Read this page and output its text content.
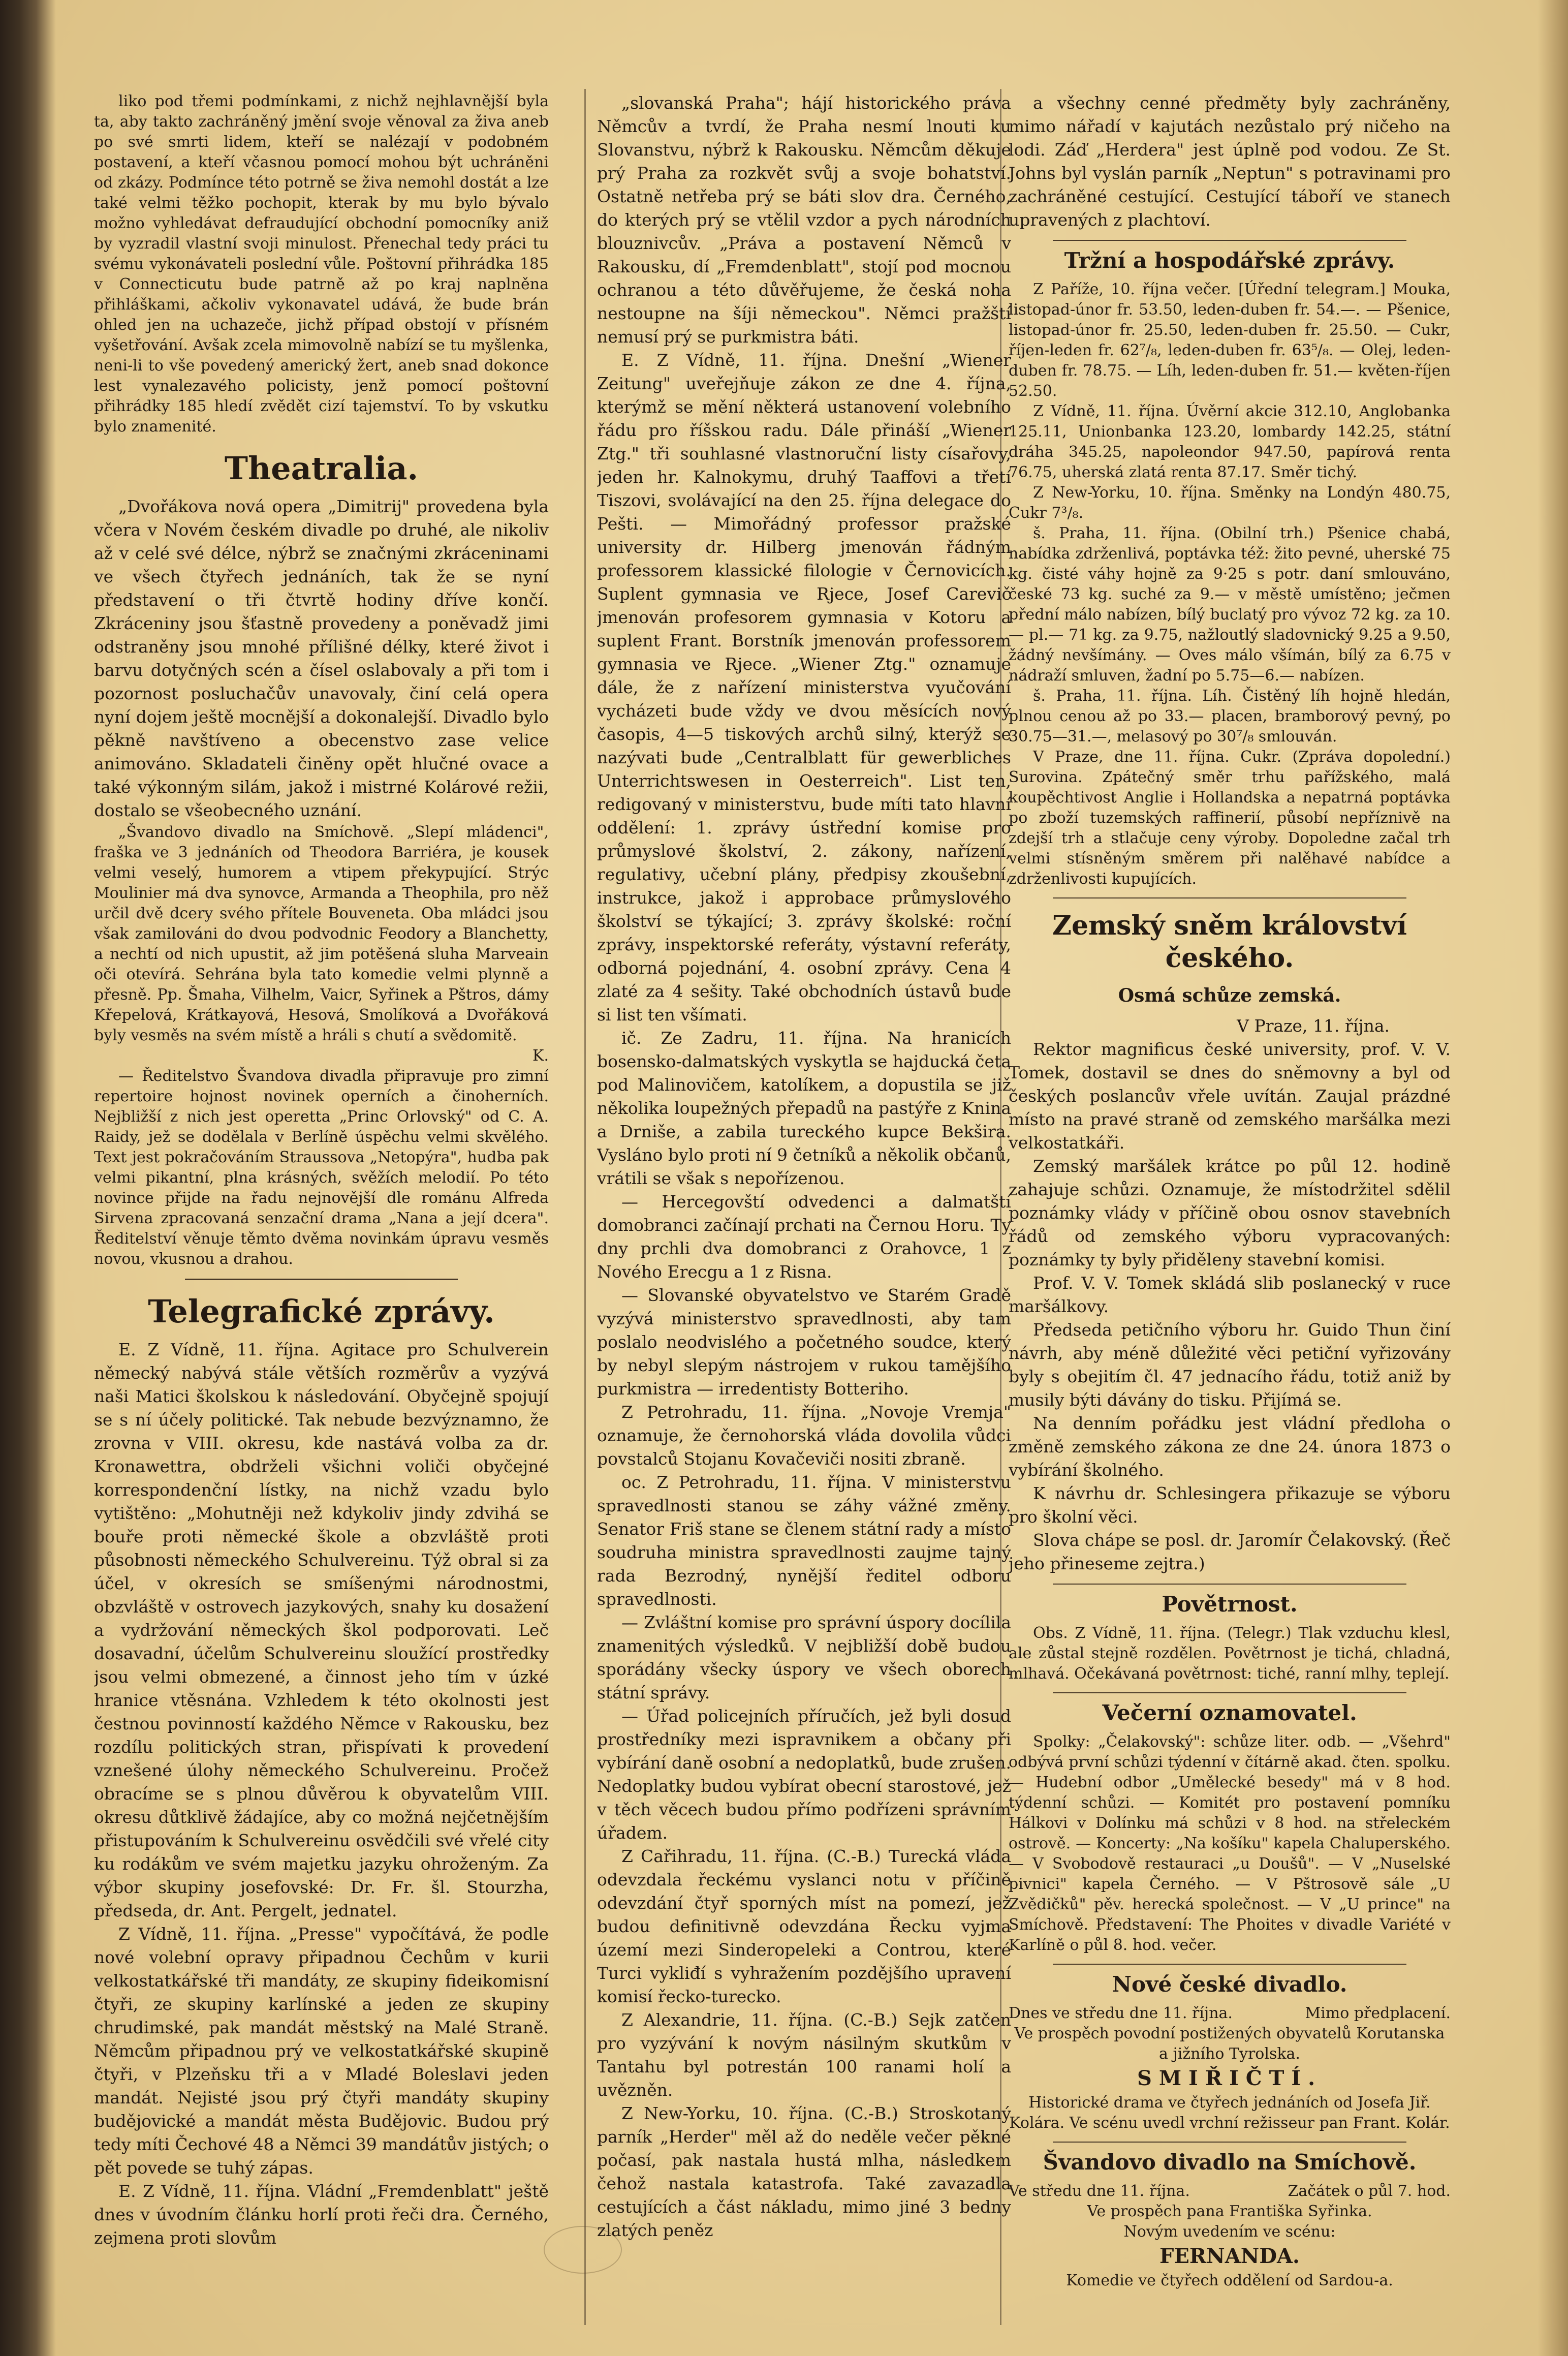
liko pod třemi podmínkami, z nichž nejhlavnější byla ta, aby takto zachráněný jmění svoje věnoval za živa aneb po své smrti lidem, kteří se nalézají v podobném postavení, a kteří včasnou pomocí mohou být uchráněni od zkázy. Podmínce této potrně se živa nemohl dostát a lze také velmi těžko pochopit, kterak by mu bylo bývalo možno vyhledávat defraudující obchodní pomocníky aniž by vyzradil vlastní svoji minulost. Přenechal tedy práci tu svému vykonávateli poslední vůle. Poštovní přihrádka 185 v Connecticutu bude patrně až po kraj naplněna přihláškami, ačkoliv vykonavatel udává, že bude brán ohled jen na uchazeče, jichž případ obstojí v přísném vyšetřování. Avšak zcela mimovolně nabízí se tu myšlenka, neni-li to vše povedený americký žert, aneb snad dokonce lest vynalezavého policisty, jenž pomocí poštovní přihrádky 185 hledí zvědět cizí tajemství. To by vskutku bylo znamenité.

Theatralia.

„Dvořákova nová opera „Dimitrij" provedena byla včera v Novém českém divadle po druhé, ale nikoliv až v celé své délce, nýbrž se značnými zkráceninami ve všech čtyřech jednáních, tak že se nyní představení o tři čtvrtě hodiny dříve končí. Zkráceniny jsou šťastně provedeny a poněvadž jimi odstraněny jsou mnohé přílišné délky, které život i barvu dotyčných scén a čísel oslabovaly a při tom i pozornost posluchačův unavovaly, činí celá opera nyní dojem ještě mocnější a dokonalejší. Divadlo bylo pěkně navštíveno a obecenstvo zase velice animováno. Skladateli činěny opět hlučné ovace a také výkonným silám, jakož i mistrné Kolárové režii, dostalo se všeobecného uznání.

„Švandovo divadlo na Smíchově. „Slepí mládenci", fraška ve 3 jednáních od Theodora Barriéra, je kousek velmi veselý, humorem a vtipem překypující. Strýc Moulinier má dva synovce, Armanda a Theophila, pro něž určil dvě dcery svého přítele Bouveneta. Oba mládci jsou však zamilováni do dvou podvodnic Feodory a Blanchetty, a nechtí od nich upustit, až jim potěšená sluha Marveain oči otevírá. Sehrána byla tato komedie velmi plynně a přesně. Pp. Šmaha, Vilhelm, Vaicr, Syřinek a Pštros, dámy Křepelová, Krátkayová, Hesová, Smolíková a Dvořáková byly vesměs na svém místě a hráli s chutí a svědomitě.

K.

— Ředitelstvo Švandova divadla připravuje pro zimní repertoire hojnost novinek operních a činoherních. Nejbližší z nich jest operetta „Princ Orlovský" od C. A. Raidy, jež se dodělala v Berlíně úspěchu velmi skvělého. Text jest pokračováním Straussova „Netopýra", hudba pak velmi pikantní, plna krásných, svěžích melodií. Po této novince přijde na řadu nejnovější dle románu Alfreda Sirvena zpracovaná senzační drama „Nana a její dcera". Ředitelství věnuje těmto dvěma novinkám úpravu vesměs novou, vkusnou a drahou.

Telegrafické zprávy.

E. Z Vídně, 11. října. Agitace pro Schulverein německý nabývá stále větších rozměrův a vyzývá naši Matici školskou k následování. Obyčejně spojují se s ní účely politické. Tak nebude bezvýznamno, že zrovna v VIII. okresu, kde nastává volba za dr. Kronawettra, obdrželi všichni voliči obyčejné korrespondenční lístky, na nichž vzadu bylo vytištěno: „Mohutněji než kdykoliv jindy zdvihá se bouře proti německé škole a obzvláště proti působnosti německého Schulvereinu. Týž obral si za účel, v okresích se smíšenými národnostmi, obzvláště v ostrovech jazykových, snahy ku dosažení a vydržování německých škol podporovati. Leč dosavadní, účelům Schulvereinu sloužící prostředky jsou velmi obmezené, a činnost jeho tím v úzké hranice vtěsnána. Vzhledem k této okolnosti jest čestnou povinností každého Němce v Rakousku, bez rozdílu politických stran, přispívati k provedení vznešené úlohy německého Schulvereinu. Pročež obracíme se s plnou důvěrou k obyvatelům VIII. okresu důtklivě žádajíce, aby co možná nejčetnějším přistupováním k Schulvereinu osvědčili své vřelé city ku rodákům ve svém majetku jazyku ohroženým. Za výbor skupiny josefovské: Dr. Fr. šl. Stourzha, předseda, dr. Ant. Pergelt, jednatel.

Z Vídně, 11. října. „Presse" vypočítává, že podle nové volební opravy připadnou Čechům v kurii velkostatkářské tři mandáty, ze skupiny fideikomisní čtyři, ze skupiny karlínské a jeden ze skupiny chrudimské, pak mandát městský na Malé Straně. Němcům připadnou prý ve velkostatkářské skupině čtyři, v Plzeňsku tři a v Mladé Boleslavi jeden mandát. Nejisté jsou prý čtyři mandáty skupiny budějovické a mandát města Budějovic. Budou prý tedy míti Čechové 48 a Němci 39 mandátův jistých; o pět povede se tuhý zápas.

E. Z Vídně, 11. října. Vládní „Fremdenblatt" ještě dnes v úvodním článku horlí proti řeči dra. Černého, zejmena proti slovům

„slovanská Praha"; hájí historického práva Němcův a tvrdí, že Praha nesmí lnouti ku Slovanstvu, nýbrž k Rakousku. Němcům děkuje prý Praha za rozkvět svůj a svoje bohatství. Ostatně netřeba prý se báti slov dra. Černého, do kterých prý se vtělil vzdor a pych národních blouznivcův. „Práva a postavení Němců v Rakousku, dí „Fremdenblatt", stojí pod mocnou ochranou a této důvěřujeme, že česká noha nestoupne na šíji německou". Němci pražští nemusí prý se purkmistra báti.

E. Z Vídně, 11. října. Dnešní „Wiener Zeitung" uveřejňuje zákon ze dne 4. října, kterýmž se mění některá ustanovení volebního řádu pro říšskou radu. Dále přináší „Wiener Ztg." tři souhlasné vlastnoruční listy císařovy, jeden hr. Kalnokymu, druhý Taaffovi a třetí Tiszovi, svolávající na den 25. října delegace do Pešti. — Mimořádný professor pražské university dr. Hilberg jmenován řádným professorem klassické filologie v Černovicích. Suplent gymnasia ve Rjece, Josef Carevič jmenován profesorem gymnasia v Kotoru a suplent Frant. Borstník jmenován professorem gymnasia ve Rjece. „Wiener Ztg." oznamuje dále, že z nařízení ministerstva vyučování vycházeti bude vždy ve dvou měsících nový časopis, 4—5 tiskových archů silný, kterýž se nazývati bude „Centralblatt für gewerbliches Unterrichtswesen in Oesterreich". List ten, redigovaný v ministerstvu, bude míti tato hlavní oddělení: 1. zprávy ústřední komise pro průmyslové školství, 2. zákony, nařízení, regulativy, učební plány, předpisy zkoušební, instrukce, jakož i approbace průmyslového školství se týkající; 3. zprávy školské: roční zprávy, inspektorské referáty, výstavní referáty, odborná pojednání, 4. osobní zprávy. Cena 4 zlaté za 4 sešity. Také obchodních ústavů bude si list ten všímati.

ič. Ze Zadru, 11. října. Na hranicích bosensko-dalmatských vyskytla se hajducká četa pod Malinovičem, katolíkem, a dopustila se již několika loupežných přepadů na pastýře z Knina a Drniše, a zabila tureckého kupce Bekšira. Vysláno bylo proti ní 9 četníků a několik občanů, vrátili se však s nepořízenou.

— Hercegovští odvedenci a dalmatští domobranci začínají prchati na Černou Horu. Ty dny prchli dva domobranci z Orahovce, 1 z Nového Erecgu a 1 z Risna.

— Slovanské obyvatelstvo ve Starém Gradě vyzývá ministerstvo spravedlnosti, aby tam poslalo neodvislého a početného soudce, který by nebyl slepým nástrojem v rukou tamějšího purkmistra — irredentisty Botteriho.

Z Petrohradu, 11. října. „Novoje Vremja" oznamuje, že černohorská vláda dovolila vůdci povstalců Stojanu Kovačeviči nositi zbraně.

oc. Z Petrohradu, 11. října. V ministerstvu spravedlnosti stanou se záhy vážné změny. Senator Friš stane se členem státní rady a místo soudruha ministra spravedlnosti zaujme tajný rada Bezrodný, nynější ředitel odboru spravedlnosti.

— Zvláštní komise pro správní úspory docílila znamenitých výsledků. V nejbližší době budou sporádány všecky úspory ve všech oborech státní správy.

— Úřad policejních příručích, jež byli dosud prostředníky mezi ispravnikem a občany při vybírání daně osobní a nedoplatků, bude zrušen. Nedoplatky budou vybírat obecní starostové, jež v těch věcech budou přímo podřízeni správním úřadem.

Z Cařihradu, 11. října. (C.-B.) Turecká vláda odevzdala řeckému vyslanci notu v příčině odevzdání čtyř sporných míst na pomezí, jež budou definitivně odevzdána Řecku vyjma území mezi Sinderopeleki a Controu, které Turci vykliđí s vyhražením pozdějšího upravení komisí řecko-turecko.

Z Alexandrie, 11. října. (C.-B.) Sejk zatčen pro vyzývání k novým násilným skutkům v Tantahu byl potrestán 100 ranami holí a uvězněn.

Z New-Yorku, 10. října. (C.-B.) Stroskotaný parník „Herder" měl až do neděle večer pěkné počasí, pak nastala hustá mlha, následkem čehož nastala katastrofa. Také zavazadla cestujících a část nákladu, mimo jiné 3 bedny zlatých peněz

a všechny cenné předměty byly zachráněny, mimo nářadí v kajutách nezůstalo prý ničeho na lodi. Záď „Herdera" jest úplně pod vodou. Ze St. Johns byl vyslán parník „Neptun" s potravinami pro zachráněné cestující. Cestující táboří ve stanech upravených z plachtoví.

Tržní a hospodářské zprávy.

Z Paříže, 10. října večer. [Úřední telegram.] Mouka, listopad-únor fr. 53.50, leden-duben fr. 54.—. — Pšenice, listopad-únor fr. 25.50, leden-duben fr. 25.50. — Cukr, říjen-leden fr. 62⁷/₈, leden-duben fr. 63⁵/₈. — Olej, leden-duben fr. 78.75. — Líh, leden-duben fr. 51.— květen-říjen 52.50.

Z Vídně, 11. října. Úvěrní akcie 312.10, Anglobanka 125.11, Unionbanka 123.20, lombardy 142.25, státní dráha 345.25, napoleondor 947.50, papírová renta 76.75, uherská zlatá renta 87.17. Směr tichý.

Z New-Yorku, 10. října. Směnky na Londýn 480.75, Cukr 7³/₈.

š. Praha, 11. října. (Obilní trh.) Pšenice chabá, nabídka zdrženlivá, poptávka též: žito pevné, uherské 75 kg. čisté váhy hojně za 9·25 s potr. daní smlouváno, české 73 kg. suché za 9.— v městě umístěno; ječmen přední málo nabízen, bílý buclatý pro vývoz 72 kg. za 10.— pl.— 71 kg. za 9.75, nažloutlý sladovnický 9.25 a 9.50, žádný nevšímány. — Oves málo všímán, bílý za 6.75 v nádraží smluven, žadní po 5.75—6.— nabízen.

š. Praha, 11. října. Líh. Čistěný líh hojně hledán, plnou cenou až po 33.— placen, bramborový pevný, po 30.75—31.—, melasový po 30⁷/₈ smlouván.

V Praze, dne 11. října. Cukr. (Zpráva dopolední.) Surovina. Zpátečný směr trhu pařížského, malá koupěchtivost Anglie i Hollandska a nepatrná poptávka po zboží tuzemských raffinerií, působí nepříznivě na zdejší trh a stlačuje ceny výroby. Dopoledne začal trh velmi stísněným směrem při nalěhavé nabídce a zdrženlivosti kupujících.

Zemský sněm království českého.
Osmá schůze zemská.

V Praze, 11. října.

Rektor magnificus české university, prof. V. V. Tomek, dostavil se dnes do sněmovny a byl od českých poslancův vřele uvítán. Zaujal prázdné místo na pravé straně od zemského maršálka mezi velkostatkáři.

Zemský maršálek krátce po půl 12. hodině zahajuje schůzi. Oznamuje, že místodržitel sdělil poznámky vlády v příčině obou osnov stavebních řádů od zemského výboru vypracovaných: poznámky ty byly přiděleny stavební komisi.

Prof. V. V. Tomek skládá slib poslanecký v ruce maršálkovy.

Předseda petičního výboru hr. Guido Thun činí návrh, aby méně důležité věci petiční vyřizovány byly s obejitím čl. 47 jednacího řádu, totiž aniž by musily býti dávány do tisku. Přijímá se.

Na denním pořádku jest vládní předloha o změně zemského zákona ze dne 24. února 1873 o vybírání školného.

K návrhu dr. Schlesingera přikazuje se výboru pro školní věci.

Slova chápe se posl. dr. Jaromír Čelakovský. (Řeč jeho přineseme zejtra.)

Povětrnost.

Obs. Z Vídně, 11. října. (Telegr.) Tlak vzduchu klesl, ale zůstal stejně rozdělen. Povětrnost je tichá, chladná, mlhavá. Očekávaná povětrnost: tiché, ranní mlhy, teplejí.

Večerní oznamovatel.

Spolky: „Čelakovský": schůze liter. odb. — „Všehrd" odbývá první schůzi týdenní v čítárně akad. čten. spolku. — Hudební odbor „Umělecké besedy" má v 8 hod. týdenní schůzi. — Komitét pro postavení pomníku Hálkovi v Dolínku má schůzi v 8 hod. na střeleckém ostrově. — Koncerty: „Na košíku" kapela Chaluperského. — V Svobodově restauraci „u Doušů". — V „Nuselské pivnici" kapela Černého. — V Pštrosově sále „U Zvědičků" pěv. herecká společnost. — V „U prince" na Smíchově. Představení: The Phoites v divadle Variété v Karlíně o půl 8. hod. večer.

Nové české divadlo.
Dnes ve středu dne 11. října.	Mimo předplacení.

Ve prospěch povodní postižených obyvatelů Korutanska a jižního Tyrolska.

SMIŘIČTÍ.

Historické drama ve čtyřech jednáních od Josefa Jiř. Kolára. Ve scénu uvedl vrchní režisseur pan Frant. Kolár.

Švandovo divadlo na Smíchově.
Ve středu dne 11. října.	Začátek o půl 7. hod.

Ve prospěch pana Františka Syřinka.

Novým uvedením ve scénu:

FERNANDA.

Komedie ve čtyřech oddělení od Sardou-a.
